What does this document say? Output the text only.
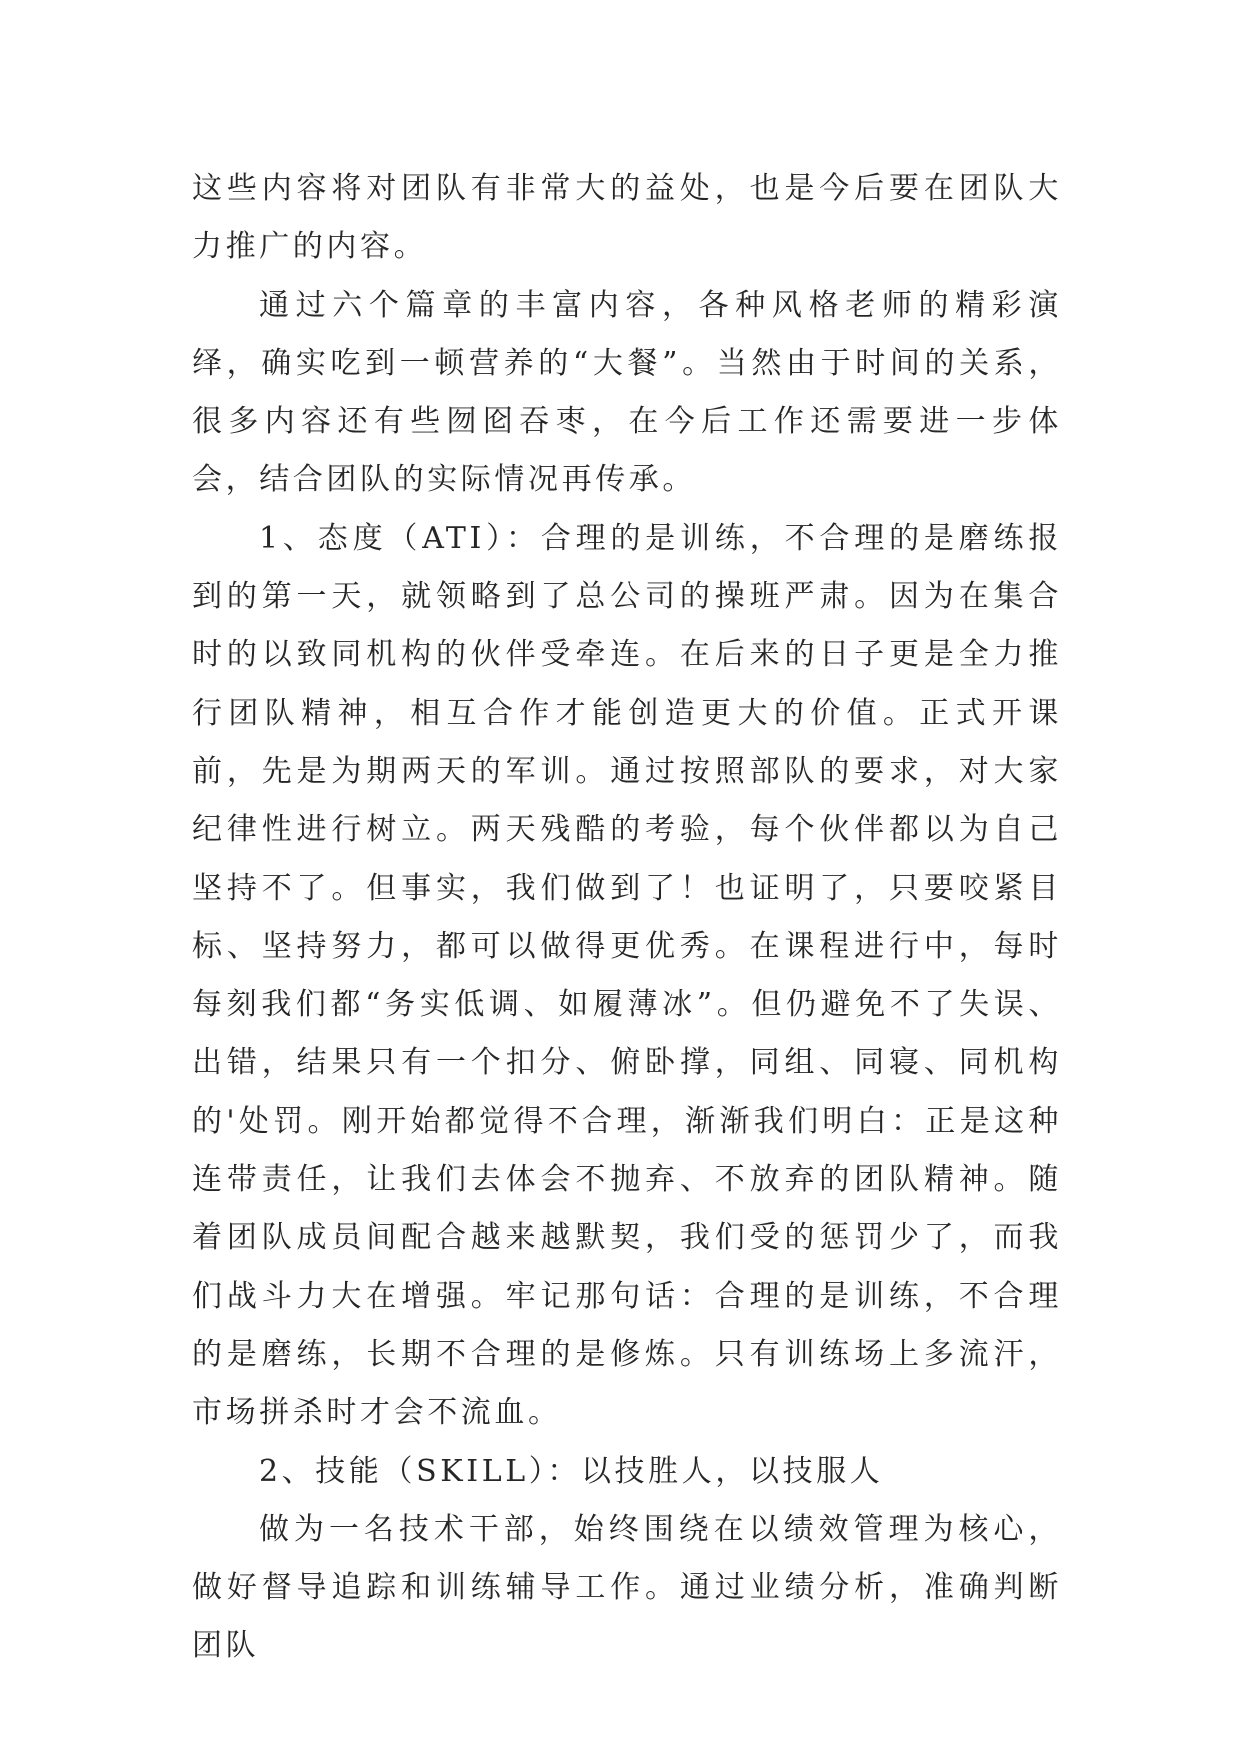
这些内容将对团队有非常大的益处，也是今后要在团队大力推广的内容。

通过六个篇章的丰富内容，各种风格老师的精彩演绎，确实吃到一顿营养的“大餐”。当然由于时间的关系，很多内容还有些囫囵吞枣，在今后工作还需要进一步体会，结合团队的实际情况再传承。

1、态度（ATI）：合理的是训练，不合理的是磨练报到的第一天，就领略到了总公司的操班严肃。因为在集合时的以致同机构的伙伴受牵连。在后来的日子更是全力推行团队精神，相互合作才能创造更大的价值。正式开课前，先是为期两天的军训。通过按照部队的要求，对大家纪律性进行树立。两天残酷的考验，每个伙伴都以为自己坚持不了。但事实，我们做到了！也证明了，只要咬紧目标、坚持努力，都可以做得更优秀。在课程进行中，每时每刻我们都“务实低调、如履薄冰”。但仍避免不了失误、出错，结果只有一个扣分、俯卧撑，同组、同寝、同机构的'处罚。刚开始都觉得不合理，渐渐我们明白：正是这种连带责任，让我们去体会不抛弃、不放弃的团队精神。随着团队成员间配合越来越默契，我们受的惩罚少了，而我们战斗力大在增强。牢记那句话：合理的是训练，不合理的是磨练，长期不合理的是修炼。只有训练场上多流汗，市场拼杀时才会不流血。

2、技能（SKILL）：以技胜人，以技服人

做为一名技术干部，始终围绕在以绩效管理为核心，做好督导追踪和训练辅导工作。通过业绩分析，准确判断团队
